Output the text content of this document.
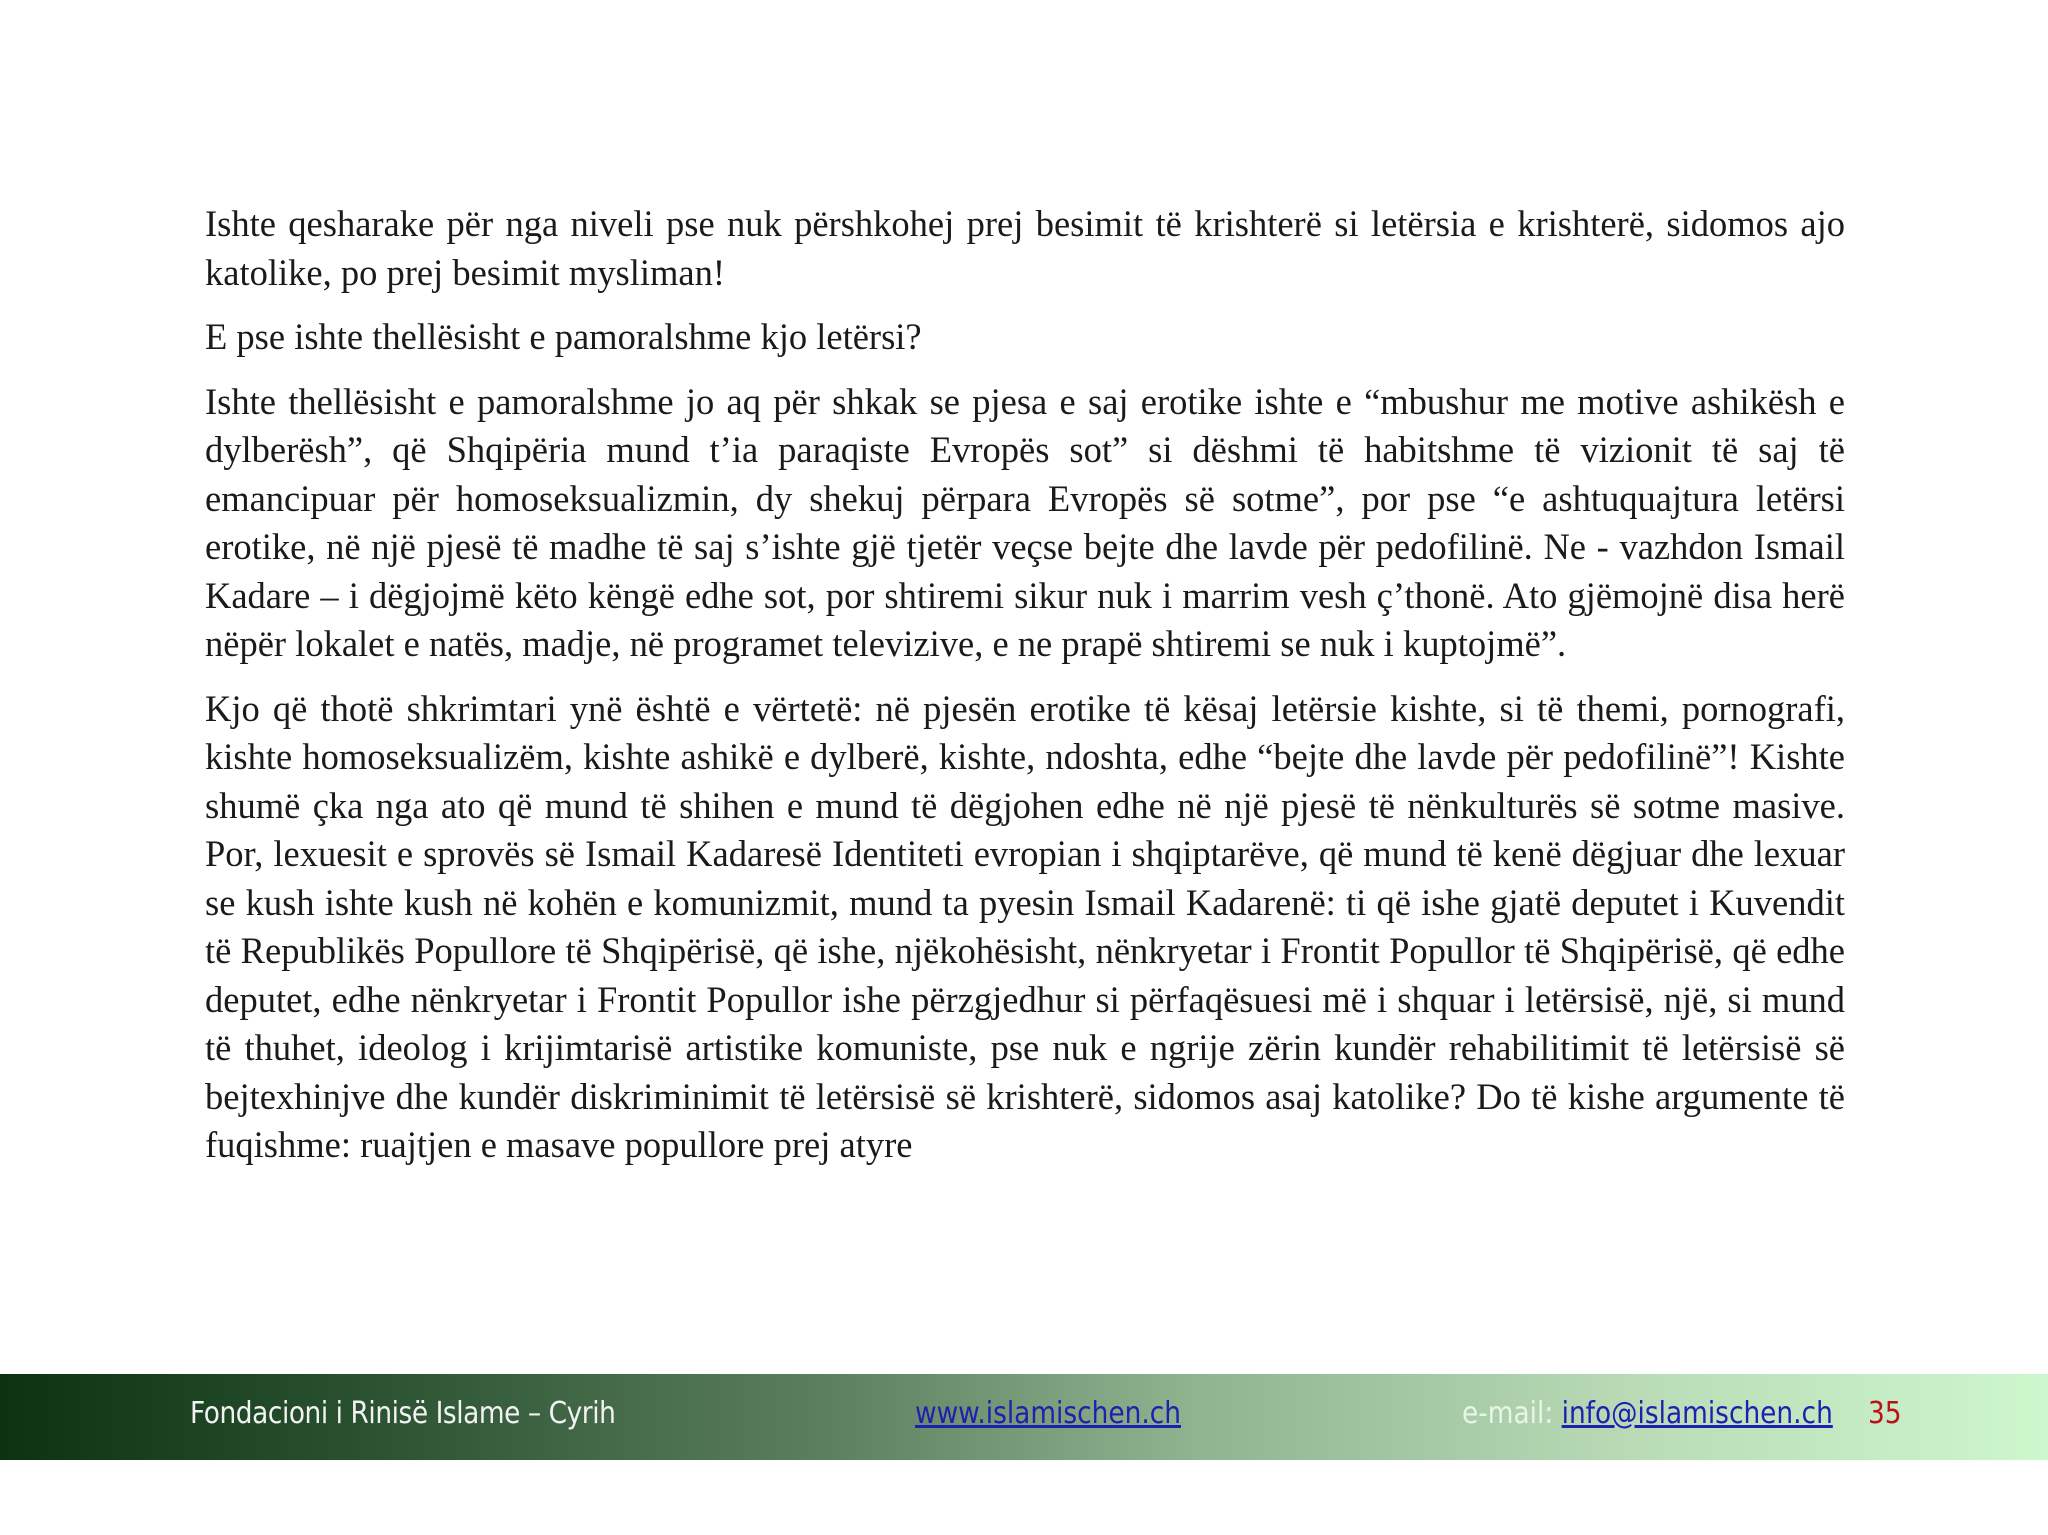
Ishte qesharake për nga niveli pse nuk përshkohej prej besimit të krishterë si letërsia e krishterë, sidomos ajo katolike, po prej besimit mysliman!

E pse ishte thellësisht e pamoralshme kjo letërsi?

Ishte thellësisht e pamoralshme jo aq për shkak se pjesa e saj erotike ishte e “mbushur me motive ashikësh e dylberësh”, që Shqipëria mund t’ia paraqiste Evropës sot” si dëshmi të habitshme të vizionit të saj të emancipuar për homoseksualizmin, dy shekuj përpara Evropës së sotme”, por pse “e ashtuquajtura letërsi erotike, në një pjesë të madhe të saj s’ishte gjë tjetër veçse bejte dhe lavde për pedofilinë. Ne - vazhdon Ismail Kadare – i dëgjojmë këto këngë edhe sot, por shtiremi sikur nuk i marrim vesh ç’thonë. Ato gjëmojnë disa herë nëpër lokalet e natës, madje, në programet televizive, e ne prapë shtiremi se nuk i kuptojmë”.

Kjo që thotë shkrimtari ynë është e vërtetë: në pjesën erotike të kësaj letërsie kishte, si të themi, pornografi, kishte homoseksualizëm, kishte ashikë e dylberë, kishte, ndoshta, edhe “bejte dhe lavde për pedofilinë”! Kishte shumë çka nga ato që mund të shihen e mund të dëgjohen edhe në një pjesë të nënkulturës së sotme masive. Por, lexuesit e sprovës së Ismail Kadaresë Identiteti evropian i shqiptarëve, që mund të kenë dëgjuar dhe lexuar se kush ishte kush në kohën e komunizmit, mund ta pyesin Ismail Kadarenë: ti që ishe gjatë deputet i Kuvendit të Republikës Popullore të Shqipërisë, që ishe, njëkohësisht, nënkryetar i Frontit Popullor të Shqipërisë, që edhe deputet, edhe nënkryetar i Frontit Popullor ishe përzgjedhur si përfaqësuesi më i shquar i letërsisë, një, si mund të thuhet, ideolog i krijimtarisë artistike komuniste, pse nuk e ngrije zërin kundër rehabilitimit të letërsisë së bejtexhinjve dhe kundër diskriminimit të letërsisë së krishterë, sidomos asaj katolike? Do të kishe argumente të fuqishme: ruajtjen e masave popullore prej atyre

Fondacioni i Rinisë Islame – Cyrih	www.islamischen.ch	e-mail: info@islamischen.ch 35
